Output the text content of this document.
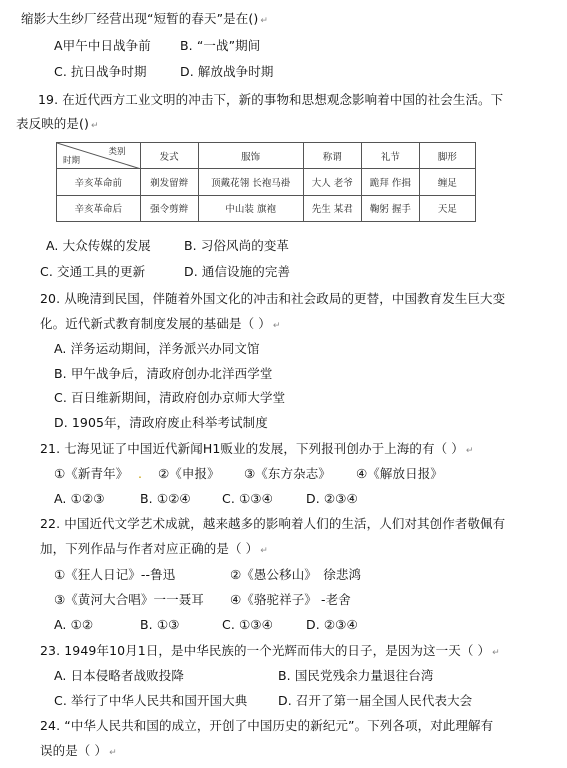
缩影大生纱厂经营出现“短暂的春天”是在() ↵
A甲午中日战争前 B. “一战”期间
C. 抗日战争时期	D. 解放战争时期
19. 在近代西方工业文明的冲击下，新的事物和思想观念影响着中国的社会生活。下
表反映的是() ↵
类别
时期	发式	服饰	称谓	礼节	脚形
辛亥革命前	剃发留辫	顶戴花翎 长袍马褂	大人 老爷	跪拜 作揖	缠足
辛亥革命后	强令剪辫	中山装 旗袍	先生 某君	鞠躬 握手	天足
A. 大众传媒的发展	B. 习俗风尚的变革
C. 交通工具的更新	D. 通信设施的完善
20. 从晚清到民国，伴随着外国文化的冲击和社会政局的更替，中国教育发生巨大变
化。近代新式教育制度发展的基础是（ ） ↵
A. 洋务运动期间，洋务派兴办同文馆
B. 甲午战争后，清政府创办北洋西学堂
C. 百日维新期间，清政府创办京师大学堂
D. 1905年，清政府废止科举考试制度
21. 七海见证了中国近代新闻H1贩业的发展，下列报刊创办于上海的有（ ） ↵
①《新青年》 . ②《申报》 ③《东方杂志》 ④《解放日报》
A. ①②③	B. ①②④	C. ①③④	D. ②③④
22. 中国近代文学艺术成就，越来越多的影响着人们的生活，人们对其创作者敬佩有
加，下列作品与作者对应正确的是（ ） ↵
①《狂人日记》--鲁迅	②《愚公移山》　徐悲鸿
③《黄河大合唱》一一聂耳 ④《骆驼祥子》 -老舍
A. ①②	B. ①③	C. ①③④	D. ②③④
23. 1949年10月1日，是中华民族的一个光辉而伟大的日子，是因为这一天（ ） ↵
A. 日本侵略者战败投降	B. 国民党残余力量退往台湾
C. 举行了中华人民共和国开国大典 D. 召开了第一届全国人民代表大会
24. “中华人民共和国的成立，开创了中国历史的新纪元”。下列各项，对此理解有
误的是（ ） ↵
